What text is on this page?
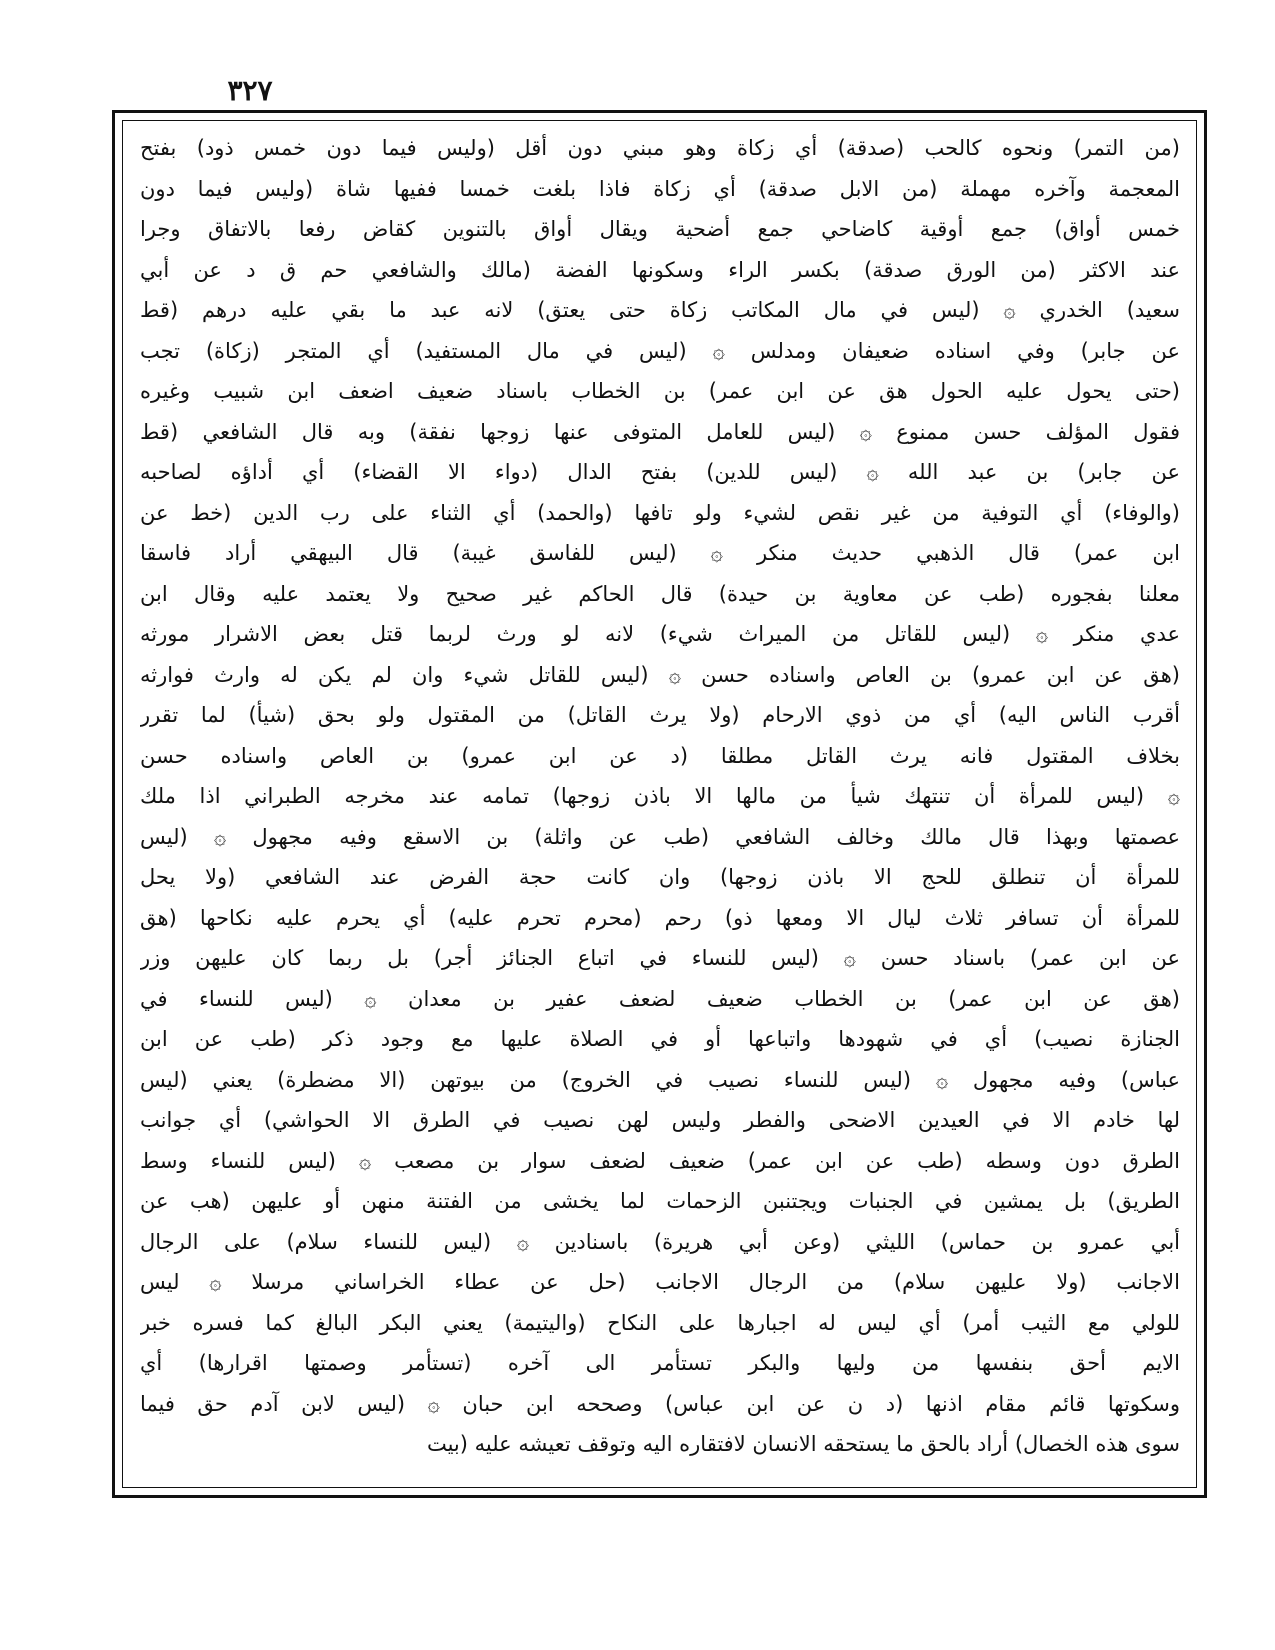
٣٢٧
(من التمر) ونحوه كالحب (صدقة) أي زكاة وهو مبني دون أقل (وليس فيما دون خمس ذود) بفتح
المعجمة وآخره مهملة (من الابل صدقة) أي زكاة فاذا بلغت خمسا ففيها شاة (وليس فيما دون
خمس أواق) جمع أوقية كاضاحي جمع أضحية ويقال أواق بالتنوين كقاض رفعا بالاتفاق وجرا
عند الاكثر (من الورق صدقة) بكسر الراء وسكونها الفضة (مالك والشافعي حم ق د عن أبي
سعيد) الخدري ۞ (ليس في مال المكاتب زكاة حتى يعتق) لانه عبد ما بقي عليه درهم (قط
عن جابر) وفي اسناده ضعيفان ومدلس ۞ (ليس في مال المستفيد) أي المتجر (زكاة) تجب
(حتى يحول عليه الحول هق عن ابن عمر) بن الخطاب باسناد ضعيف اضعف ابن شبيب وغيره
فقول المؤلف حسن ممنوع ۞ (ليس للعامل المتوفى عنها زوجها نفقة) وبه قال الشافعي (قط
عن جابر) بن عبد الله ۞ (ليس للدين) بفتح الدال (دواء الا القضاء) أي أداؤه لصاحبه
(والوفاء) أي التوفية من غير نقص لشيء ولو تافها (والحمد) أي الثناء على رب الدين (خط عن
ابن عمر) قال الذهبي حديث منكر ۞ (ليس للفاسق غيبة) قال البيهقي أراد فاسقا
معلنا بفجوره (طب عن معاوية بن حيدة) قال الحاكم غير صحيح ولا يعتمد عليه وقال ابن
عدي منكر ۞ (ليس للقاتل من الميراث شيء) لانه لو ورث لربما قتل بعض الاشرار مورثه
(هق عن ابن عمرو) بن العاص واسناده حسن ۞ (ليس للقاتل شيء وان لم يكن له وارث فوارثه
أقرب الناس اليه) أي من ذوي الارحام (ولا يرث القاتل) من المقتول ولو بحق (شيأ) لما تقرر
بخلاف المقتول فانه يرث القاتل مطلقا (د عن ابن عمرو) بن العاص واسناده حسن
۞ (ليس للمرأة أن تنتهك شيأ من مالها الا باذن زوجها) تمامه عند مخرجه الطبراني اذا ملك
عصمتها وبهذا قال مالك وخالف الشافعي (طب عن واثلة) بن الاسقع وفيه مجهول ۞ (ليس
للمرأة أن تنطلق للحج الا باذن زوجها) وان كانت حجة الفرض عند الشافعي (ولا يحل
للمرأة أن تسافر ثلاث ليال الا ومعها ذو) رحم (محرم تحرم عليه) أي يحرم عليه نكاحها (هق
عن ابن عمر) باسناد حسن ۞ (ليس للنساء في اتباع الجنائز أجر) بل ربما كان عليهن وزر
(هق عن ابن عمر) بن الخطاب ضعيف لضعف عفير بن معدان ۞ (ليس للنساء في
الجنازة نصيب) أي في شهودها واتباعها أو في الصلاة عليها مع وجود ذكر (طب عن ابن
عباس) وفيه مجهول ۞ (ليس للنساء نصيب في الخروج) من بيوتهن (الا مضطرة) يعني (ليس
لها خادم الا في العيدين الاضحى والفطر وليس لهن نصيب في الطرق الا الحواشي) أي جوانب
الطرق دون وسطه (طب عن ابن عمر) ضعيف لضعف سوار بن مصعب ۞ (ليس للنساء وسط
الطريق) بل يمشين في الجنبات ويجتنبن الزحمات لما يخشى من الفتنة منهن أو عليهن (هب عن
أبي عمرو بن حماس) الليثي (وعن أبي هريرة) باسنادين ۞ (ليس للنساء سلام) على الرجال
الاجانب (ولا عليهن سلام) من الرجال الاجانب (حل عن عطاء الخراساني مرسلا ۞ ليس
للولي مع الثيب أمر) أي ليس له اجبارها على النكاح (واليتيمة) يعني البكر البالغ كما فسره خبر
الايم أحق بنفسها من وليها والبكر تستأمر الى آخره (تستأمر وصمتها اقرارها) أي
وسكوتها قائم مقام اذنها (د ن عن ابن عباس) وصححه ابن حبان ۞ (ليس لابن آدم حق فيما
سوى هذه الخصال) أراد بالحق ما يستحقه الانسان لافتقاره اليه وتوقف تعيشه عليه (بيت
